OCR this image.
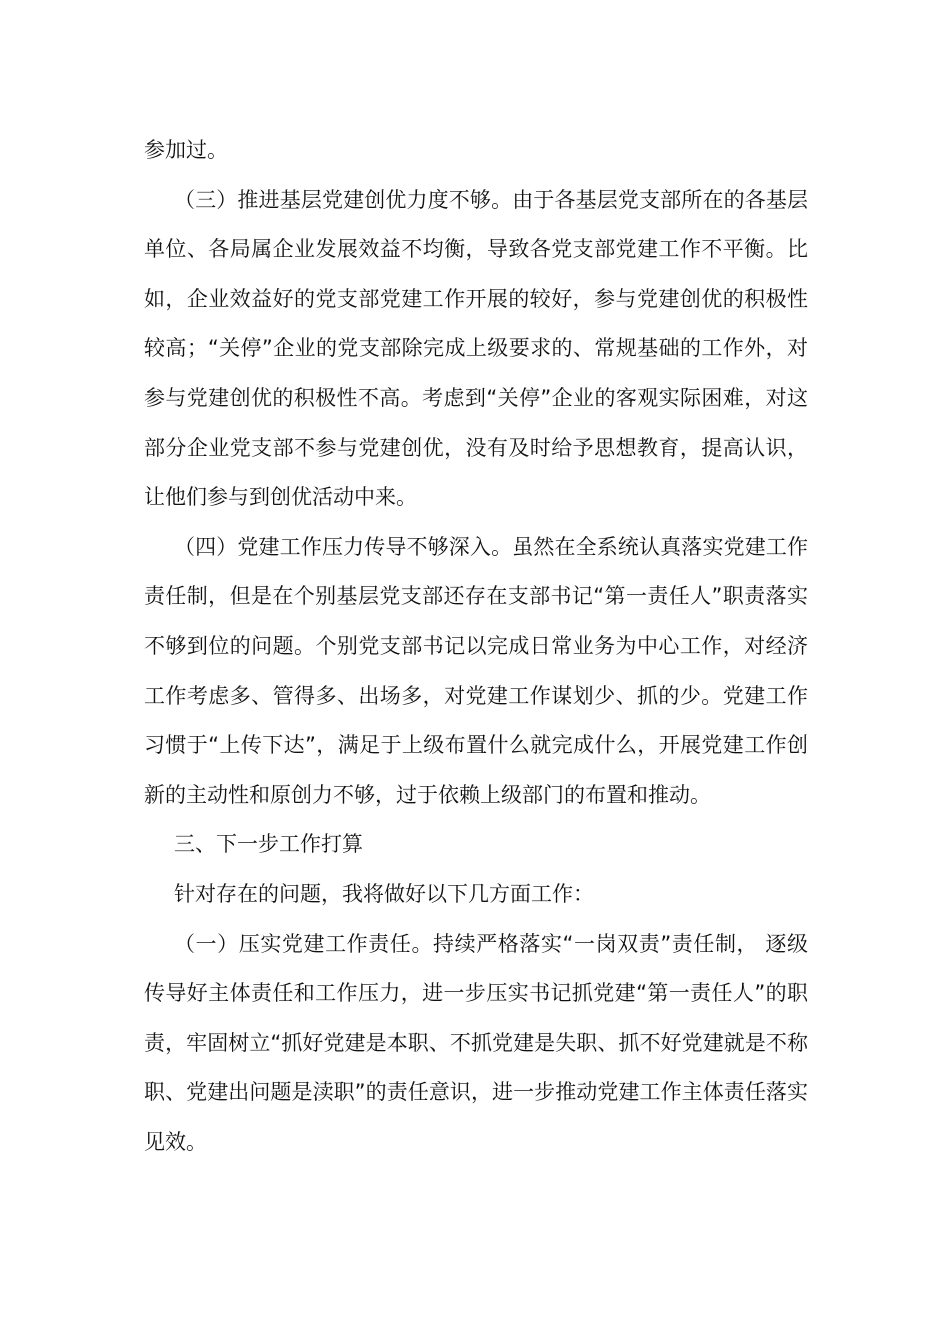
参加过。

（三）推进基层党建创优力度不够。由于各基层党支部所在的各基层单位、各局属企业发展效益不均衡，导致各党支部党建工作不平衡。比如，企业效益好的党支部党建工作开展的较好，参与党建创优的积极性较高；“关停”企业的党支部除完成上级要求的、常规基础的工作外，对参与党建创优的积极性不高。考虑到“关停”企业的客观实际困难，对这部分企业党支部不参与党建创优，没有及时给予思想教育，提高认识，让他们参与到创优活动中来。

（四）党建工作压力传导不够深入。虽然在全系统认真落实党建工作责任制，但是在个别基层党支部还存在支部书记“第一责任人”职责落实不够到位的问题。个别党支部书记以完成日常业务为中心工作，对经济工作考虑多、管得多、出场多，对党建工作谋划少、抓的少。党建工作习惯于“上传下达”，满足于上级布置什么就完成什么，开展党建工作创新的主动性和原创力不够，过于依赖上级部门的布置和推动。

三、下一步工作打算

针对存在的问题，我将做好以下几方面工作：

（一）压实党建工作责任。持续严格落实“一岗双责”责任制， 逐级传导好主体责任和工作压力，进一步压实书记抓党建“第一责任人”的职责，牢固树立“抓好党建是本职、不抓党建是失职、抓不好党建就是不称职、党建出问题是渎职”的责任意识，进一步推动党建工作主体责任落实见效。
